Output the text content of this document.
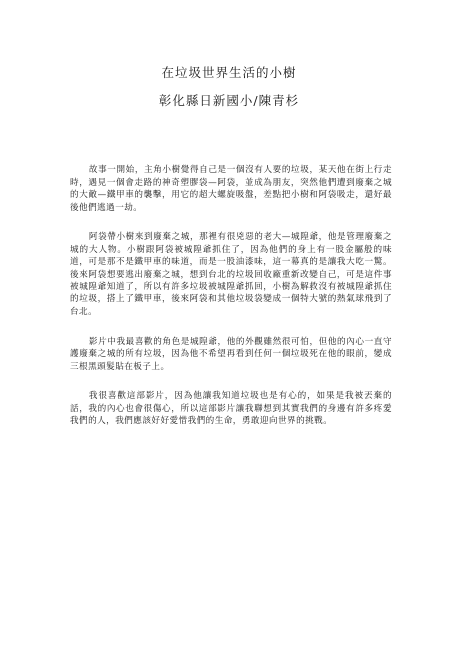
在垃圾世界生活的小樹
彰化縣日新國小/陳青杉

故事一開始，主角小樹覺得自己是一個沒有人要的垃圾，某天他在街上行走時，遇見一個會走路的神奇塑膠袋—阿袋，並成為朋友，突然他們遭到廢棄之城的大敵—鐵甲車的襲擊，用它的超大螺旋吸盤，差點把小樹和阿袋吸走，還好最後他們逃過一劫。

阿袋帶小樹來到廢棄之城，那裡有很兇惡的老大—城隍爺，他是管理廢棄之城的大人物。小樹跟阿袋被城隍爺抓住了，因為他們的身上有一股金屬般的味道，可是那不是鐵甲車的味道，而是一股油漆味，這一幕真的是讓我大吃一驚。後來阿袋想要逃出廢棄之城，想到台北的垃圾回收廠重新改變自己，可是這件事被城隍爺知道了，所以有許多垃圾被城隍爺抓回，小樹為解救沒有被城隍爺抓住的垃圾，搭上了鐵甲車，後來阿袋和其他垃圾袋變成一個特大號的熱氣球飛到了台北。

影片中我最喜歡的角色是城隍爺，他的外觀雖然很可怕，但他的內心一直守護廢棄之城的所有垃圾，因為他不希望再看到任何一個垃圾死在他的眼前，變成三根黑頭髮貼在板子上。

我很喜歡這部影片，因為他讓我知道垃圾也是有心的，如果是我被丟棄的話，我的內心也會很傷心，所以這部影片讓我聯想到其實我們的身邊有許多疼愛我們的人，我們應該好好愛惜我們的生命，勇敢迎向世界的挑戰。
